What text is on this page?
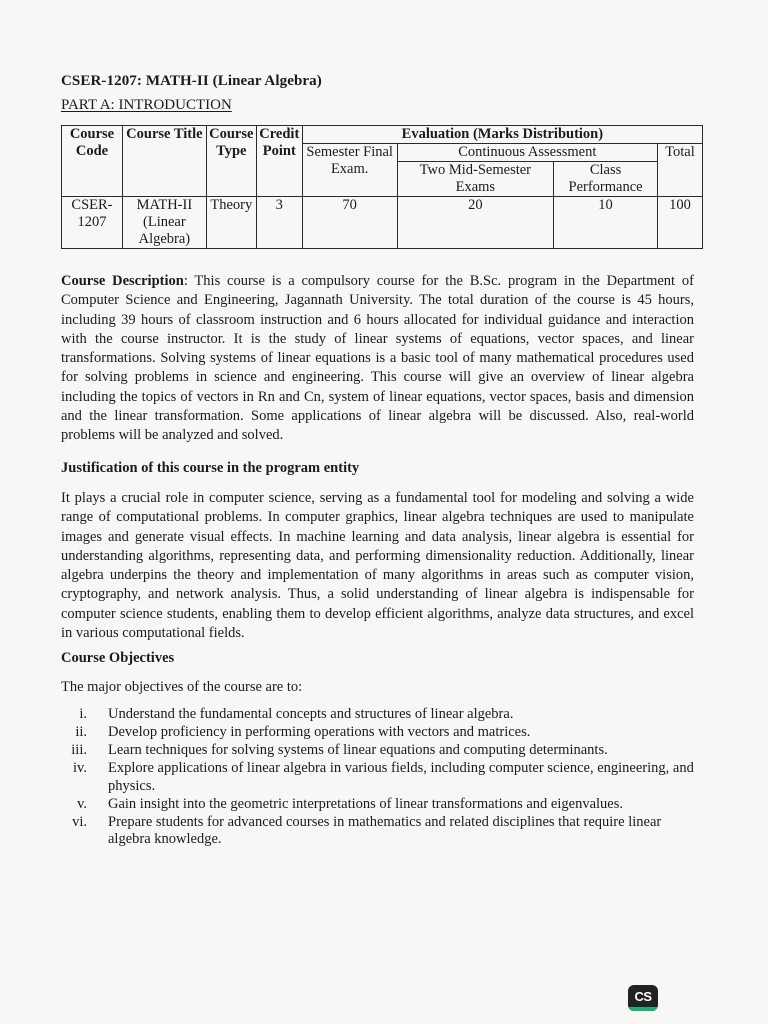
CSER-1207: MATH-II (Linear Algebra)
PART A: INTRODUCTION
Course Code	Course Title	Course Type	Credit Point	Evaluation (Marks Distribution)			
				Semester Final Exam.	Continuous Assessment		Total
					Two Mid-Semester Exams	Class Performance	
CSER-1207	MATH-II (Linear Algebra)	Theory	3	70	20	10	100

Course Description: This course is a compulsory course for the B.Sc. program in the Department of Computer Science and Engineering, Jagannath University. The total duration of the course is 45 hours, including 39 hours of classroom instruction and 6 hours allocated for individual guidance and interaction with the course instructor. It is the study of linear systems of equations, vector spaces, and linear transformations. Solving systems of linear equations is a basic tool of many mathematical procedures used for solving problems in science and engineering. This course will give an overview of linear algebra including the topics of vectors in Rn and Cn, system of linear equations, vector spaces, basis and dimension and the linear transformation. Some applications of linear algebra will be discussed. Also, real-world problems will be analyzed and solved.

Justification of this course in the program entity

It plays a crucial role in computer science, serving as a fundamental tool for modeling and solving a wide range of computational problems. In computer graphics, linear algebra techniques are used to manipulate images and generate visual effects. In machine learning and data analysis, linear algebra is essential for understanding algorithms, representing data, and performing dimensionality reduction. Additionally, linear algebra underpins the theory and implementation of many algorithms in areas such as computer vision, cryptography, and network analysis. Thus, a solid understanding of linear algebra is indispensable for computer science students, enabling them to develop efficient algorithms, analyze data structures, and excel in various computational fields.

Course Objectives
The major objectives of the course are to:
i. Understand the fundamental concepts and structures of linear algebra.
ii. Develop proficiency in performing operations with vectors and matrices.
iii. Learn techniques for solving systems of linear equations and computing determinants.
iv. Explore applications of linear algebra in various fields, including computer science, engineering, and physics.
v. Gain insight into the geometric interpretations of linear transformations and eigenvalues.
vi. Prepare students for advanced courses in mathematics and related disciplines that require linear algebra knowledge.
CS
